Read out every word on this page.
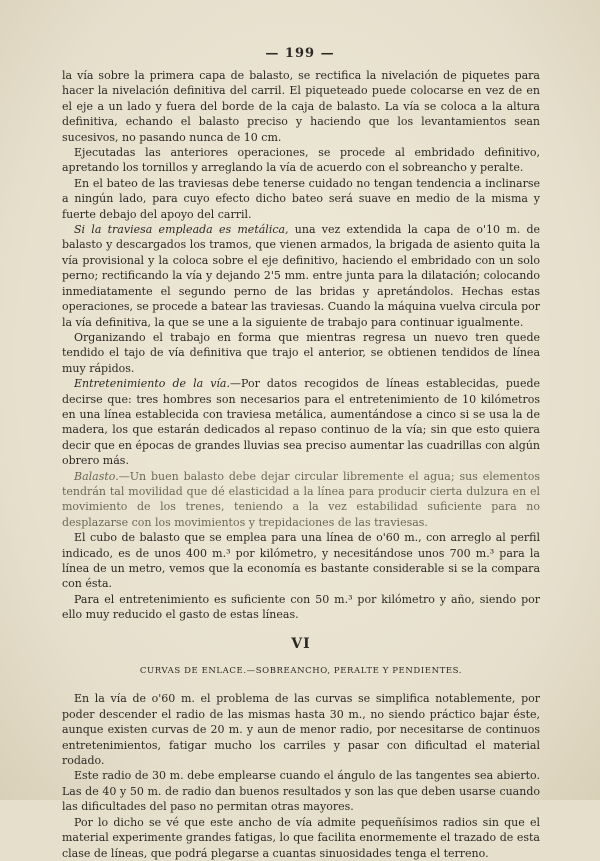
— 199 —

la vía sobre la primera capa de balasto, se rectifica la nivelación de piquetes para hacer la nivelación definitiva del carril. El piqueteado puede colocarse en vez de en el eje a un lado y fuera del borde de la caja de balasto. La vía se coloca a la altura definitiva, echando el balasto preciso y haciendo que los levantamientos sean sucesivos, no pasando nunca de 10 cm.

Ejecutadas las anteriores operaciones, se procede al embridado definitivo, apretando los tornillos y arreglando la vía de acuerdo con el sobreancho y peralte.

En el bateo de las traviesas debe tenerse cuidado no tengan tendencia a inclinarse a ningún lado, para cuyo efecto dicho bateo será suave en medio de la misma y fuerte debajo del apoyo del carril.

Si la traviesa empleada es metálica, una vez extendida la capa de o'10 m. de balasto y descargados los tramos, que vienen armados, la brigada de asiento quita la vía provisional y la coloca sobre el eje definitivo, haciendo el embridado con un solo perno; rectificando la vía y dejando 2'5 mm. entre junta para la dilatación; colocando inmediatamente el segundo perno de las bridas y apretándolos. Hechas estas operaciones, se procede a batear las traviesas. Cuando la máquina vuelva circula por la vía definitiva, la que se une a la siguiente de trabajo para continuar igualmente.

Organizando el trabajo en forma que mientras regresa un nuevo tren quede tendido el tajo de vía definitiva que trajo el anterior, se obtienen tendidos de línea muy rápidos.

Entretenimiento de la vía.—Por datos recogidos de líneas establecidas, puede decirse que: tres hombres son necesarios para el entretenimiento de 10 kilómetros en una línea establecida con traviesa metálica, aumentándose a cinco si se usa la de madera, los que estarán dedicados al repaso continuo de la vía; sin que esto quiera decir que en épocas de grandes lluvias sea preciso aumentar las cuadrillas con algún obrero más.

Balasto.—Un buen balasto debe dejar circular libremente el agua; sus elementos tendrán tal movilidad que dé elasticidad a la línea para producir cierta dulzura en el movimiento de los trenes, teniendo a la vez estabilidad suficiente para no desplazarse con los movimientos y trepidaciones de las traviesas.

El cubo de balasto que se emplea para una línea de o'60 m., con arreglo al perfil indicado, es de unos 400 m.³ por kilómetro, y necesitándose unos 700 m.³ para la línea de un metro, vemos que la economía es bastante considerable si se la compara con ésta.

Para el entretenimiento es suficiente con 50 m.³ por kilómetro y año, siendo por ello muy reducido el gasto de estas líneas.

VI
CURVAS DE ENLACE.—SOBREANCHO, PERALTE Y PENDIENTES.

En la vía de o'60 m. el problema de las curvas se simplifica notablemente, por poder descender el radio de las mismas hasta 30 m., no siendo práctico bajar éste, aunque existen curvas de 20 m. y aun de menor radio, por necesitarse de continuos entretenimientos, fatigar mucho los carriles y pasar con dificultad el material rodado.

Este radio de 30 m. debe emplearse cuando el ángulo de las tangentes sea abierto. Las de 40 y 50 m. de radio dan buenos resultados y son las que deben usarse cuando las dificultades del paso no permitan otras mayores.

Por lo dicho se vé que este ancho de vía admite pequeñísimos radios sin que el material experimente grandes fatigas, lo que facilita enormemente el trazado de esta clase de líneas, que podrá plegarse a cuantas sinuosidades tenga el terreno.
